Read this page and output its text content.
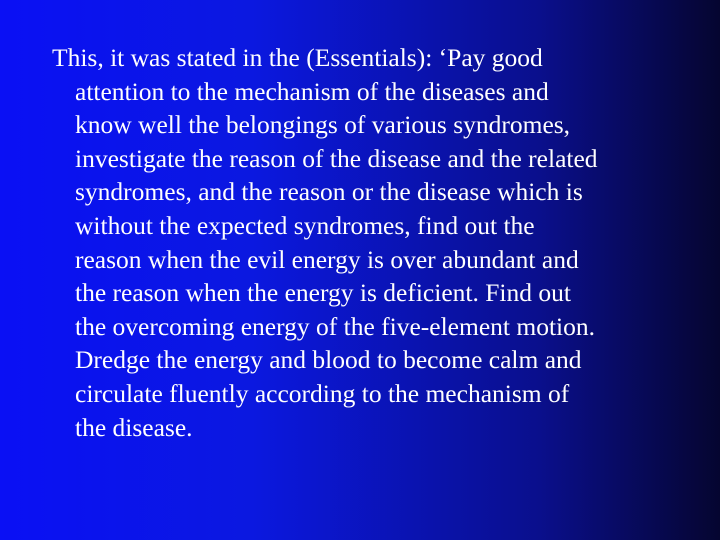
This, it was stated in the (Essentials): ‘Pay good
attention to the mechanism of the diseases and
know well the belongings of various syndromes,
investigate the reason of the disease and the related
syndromes, and the reason or the disease which is
without the expected syndromes, find out the
reason when the evil energy is over abundant and
the reason when the energy is deficient. Find out
the overcoming energy of the five-element motion.
Dredge the energy and blood to become calm and
circulate fluently according to the mechanism of
the disease.
